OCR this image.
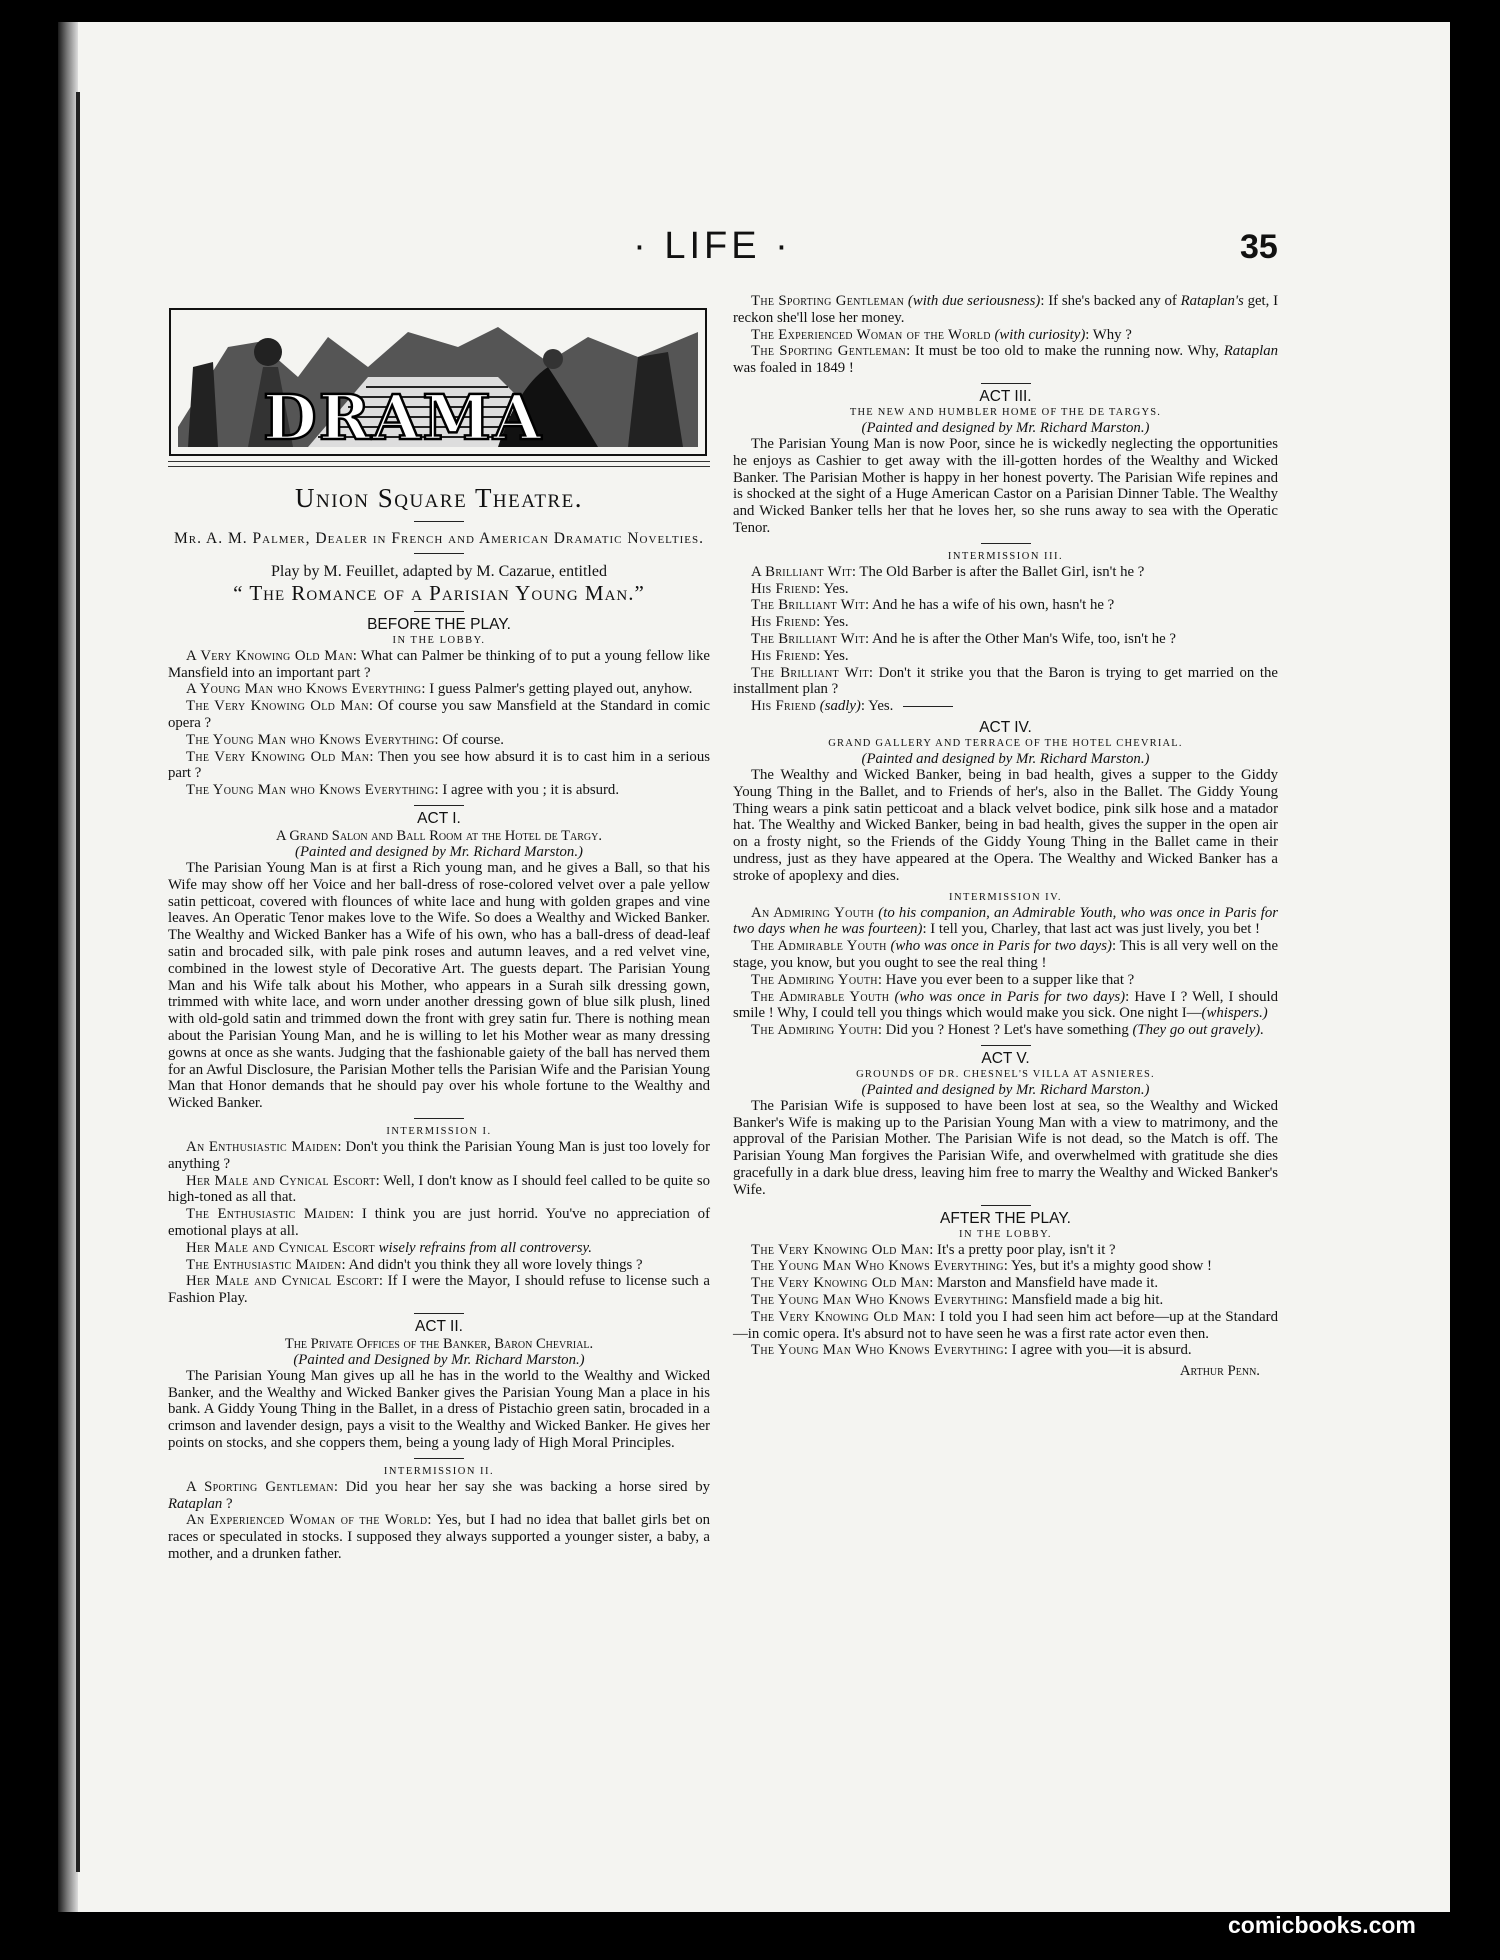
· LIFE ·	35
DRAMA
Union Square Theatre.
Mr. A. M. Palmer, Dealer in French and American Dramatic Novelties.
Play by M. Feuillet, adapted by M. Cazarue, entitled
“ The Romance of a Parisian Young Man.”
BEFORE THE PLAY.
IN THE LOBBY.

A Very Knowing Old Man: What can Palmer be thinking of to put a young fellow like Mansfield into an important part ?

A Young Man who Knows Everything: I guess Palmer's getting played out, anyhow.

The Very Knowing Old Man: Of course you saw Mansfield at the Standard in comic opera ?

The Young Man who Knows Everything: Of course.

The Very Knowing Old Man: Then you see how absurd it is to cast him in a serious part ?

The Young Man who Knows Everything: I agree with you ; it is absurd.

ACT I.
A Grand Salon and Ball Room at the Hotel de Targy.
(Painted and designed by Mr. Richard Marston.)

The Parisian Young Man is at first a Rich young man, and he gives a Ball, so that his Wife may show off her Voice and her ball-dress of rose-colored velvet over a pale yellow satin petticoat, covered with flounces of white lace and hung with golden grapes and vine leaves. An Operatic Tenor makes love to the Wife. So does a Wealthy and Wicked Banker. The Wealthy and Wicked Banker has a Wife of his own, who has a ball-dress of dead-leaf satin and brocaded silk, with pale pink roses and autumn leaves, and a red velvet vine, combined in the lowest style of Decorative Art. The guests depart. The Parisian Young Man and his Wife talk about his Mother, who appears in a Surah silk dressing gown, trimmed with white lace, and worn under another dressing gown of blue silk plush, lined with old-gold satin and trimmed down the front with grey satin fur. There is nothing mean about the Parisian Young Man, and he is willing to let his Mother wear as many dressing gowns at once as she wants. Judging that the fashionable gaiety of the ball has nerved them for an Awful Disclosure, the Parisian Mother tells the Parisian Wife and the Parisian Young Man that Honor demands that he should pay over his whole fortune to the Wealthy and Wicked Banker.

INTERMISSION I.

An Enthusiastic Maiden: Don't you think the Parisian Young Man is just too lovely for anything ?

Her Male and Cynical Escort: Well, I don't know as I should feel called to be quite so high-toned as all that.

The Enthusiastic Maiden: I think you are just horrid. You've no appreciation of emotional plays at all.

Her Male and Cynical Escort wisely refrains from all controversy.

The Enthusiastic Maiden: And didn't you think they all wore lovely things ?

Her Male and Cynical Escort: If I were the Mayor, I should refuse to license such a Fashion Play.

ACT II.
The Private Offices of the Banker, Baron Chevrial.
(Painted and Designed by Mr. Richard Marston.)

The Parisian Young Man gives up all he has in the world to the Wealthy and Wicked Banker, and the Wealthy and Wicked Banker gives the Parisian Young Man a place in his bank. A Giddy Young Thing in the Ballet, in a dress of Pistachio green satin, brocaded in a crimson and lavender design, pays a visit to the Wealthy and Wicked Banker. He gives her points on stocks, and she coppers them, being a young lady of High Moral Principles.

INTERMISSION II.

A Sporting Gentleman: Did you hear her say she was backing a horse sired by Rataplan ?

An Experienced Woman of the World: Yes, but I had no idea that ballet girls bet on races or speculated in stocks. I supposed they always supported a younger sister, a baby, a mother, and a drunken father.

The Sporting Gentleman (with due seriousness): If she's backed any of Rataplan's get, I reckon she'll lose her money.

The Experienced Woman of the World (with curiosity): Why ?

The Sporting Gentleman: It must be too old to make the running now. Why, Rataplan was foaled in 1849 !

ACT III.
THE NEW AND HUMBLER HOME OF THE DE TARGYS.
(Painted and designed by Mr. Richard Marston.)

The Parisian Young Man is now Poor, since he is wickedly neglecting the opportunities he enjoys as Cashier to get away with the ill-gotten hordes of the Wealthy and Wicked Banker. The Parisian Mother is happy in her honest poverty. The Parisian Wife repines and is shocked at the sight of a Huge American Castor on a Parisian Dinner Table. The Wealthy and Wicked Banker tells her that he loves her, so she runs away to sea with the Operatic Tenor.

INTERMISSION III.

A Brilliant Wit: The Old Barber is after the Ballet Girl, isn't he ?

His Friend: Yes.

The Brilliant Wit: And he has a wife of his own, hasn't he ?

His Friend: Yes.

The Brilliant Wit: And he is after the Other Man's Wife, too, isn't he ?

His Friend: Yes.

The Brilliant Wit: Don't it strike you that the Baron is trying to get married on the installment plan ?

His Friend (sadly): Yes.

ACT IV.
GRAND GALLERY AND TERRACE OF THE HOTEL CHEVRIAL.
(Painted and designed by Mr. Richard Marston.)

The Wealthy and Wicked Banker, being in bad health, gives a supper to the Giddy Young Thing in the Ballet, and to Friends of her's, also in the Ballet. The Giddy Young Thing wears a pink satin petticoat and a black velvet bodice, pink silk hose and a matador hat. The Wealthy and Wicked Banker, being in bad health, gives the supper in the open air on a frosty night, so the Friends of the Giddy Young Thing in the Ballet came in their undress, just as they have appeared at the Opera. The Wealthy and Wicked Banker has a stroke of apoplexy and dies.

INTERMISSION IV.

An Admiring Youth (to his companion, an Admirable Youth, who was once in Paris for two days when he was fourteen): I tell you, Charley, that last act was just lively, you bet !

The Admirable Youth (who was once in Paris for two days): This is all very well on the stage, you know, but you ought to see the real thing !

The Admiring Youth: Have you ever been to a supper like that ?

The Admirable Youth (who was once in Paris for two days): Have I ? Well, I should smile ! Why, I could tell you things which would make you sick. One night I—(whispers.)

The Admiring Youth: Did you ? Honest ? Let's have something (They go out gravely).

ACT V.
GROUNDS OF DR. CHESNEL'S VILLA AT ASNIERES.
(Painted and designed by Mr. Richard Marston.)

The Parisian Wife is supposed to have been lost at sea, so the Wealthy and Wicked Banker's Wife is making up to the Parisian Young Man with a view to matrimony, and the approval of the Parisian Mother. The Parisian Wife is not dead, so the Match is off. The Parisian Young Man forgives the Parisian Wife, and overwhelmed with gratitude she dies gracefully in a dark blue dress, leaving him free to marry the Wealthy and Wicked Banker's Wife.

AFTER THE PLAY.
IN THE LOBBY.

The Very Knowing Old Man: It's a pretty poor play, isn't it ?

The Young Man Who Knows Everything: Yes, but it's a mighty good show !

The Very Knowing Old Man: Marston and Mansfield have made it.

The Young Man Who Knows Everything: Mansfield made a big hit.

The Very Knowing Old Man: I told you I had seen him act before—up at the Standard—in comic opera. It's absurd not to have seen he was a first rate actor even then.

The Young Man Who Knows Everything: I agree with you—it is absurd.

Arthur Penn.

comicbooks.com
